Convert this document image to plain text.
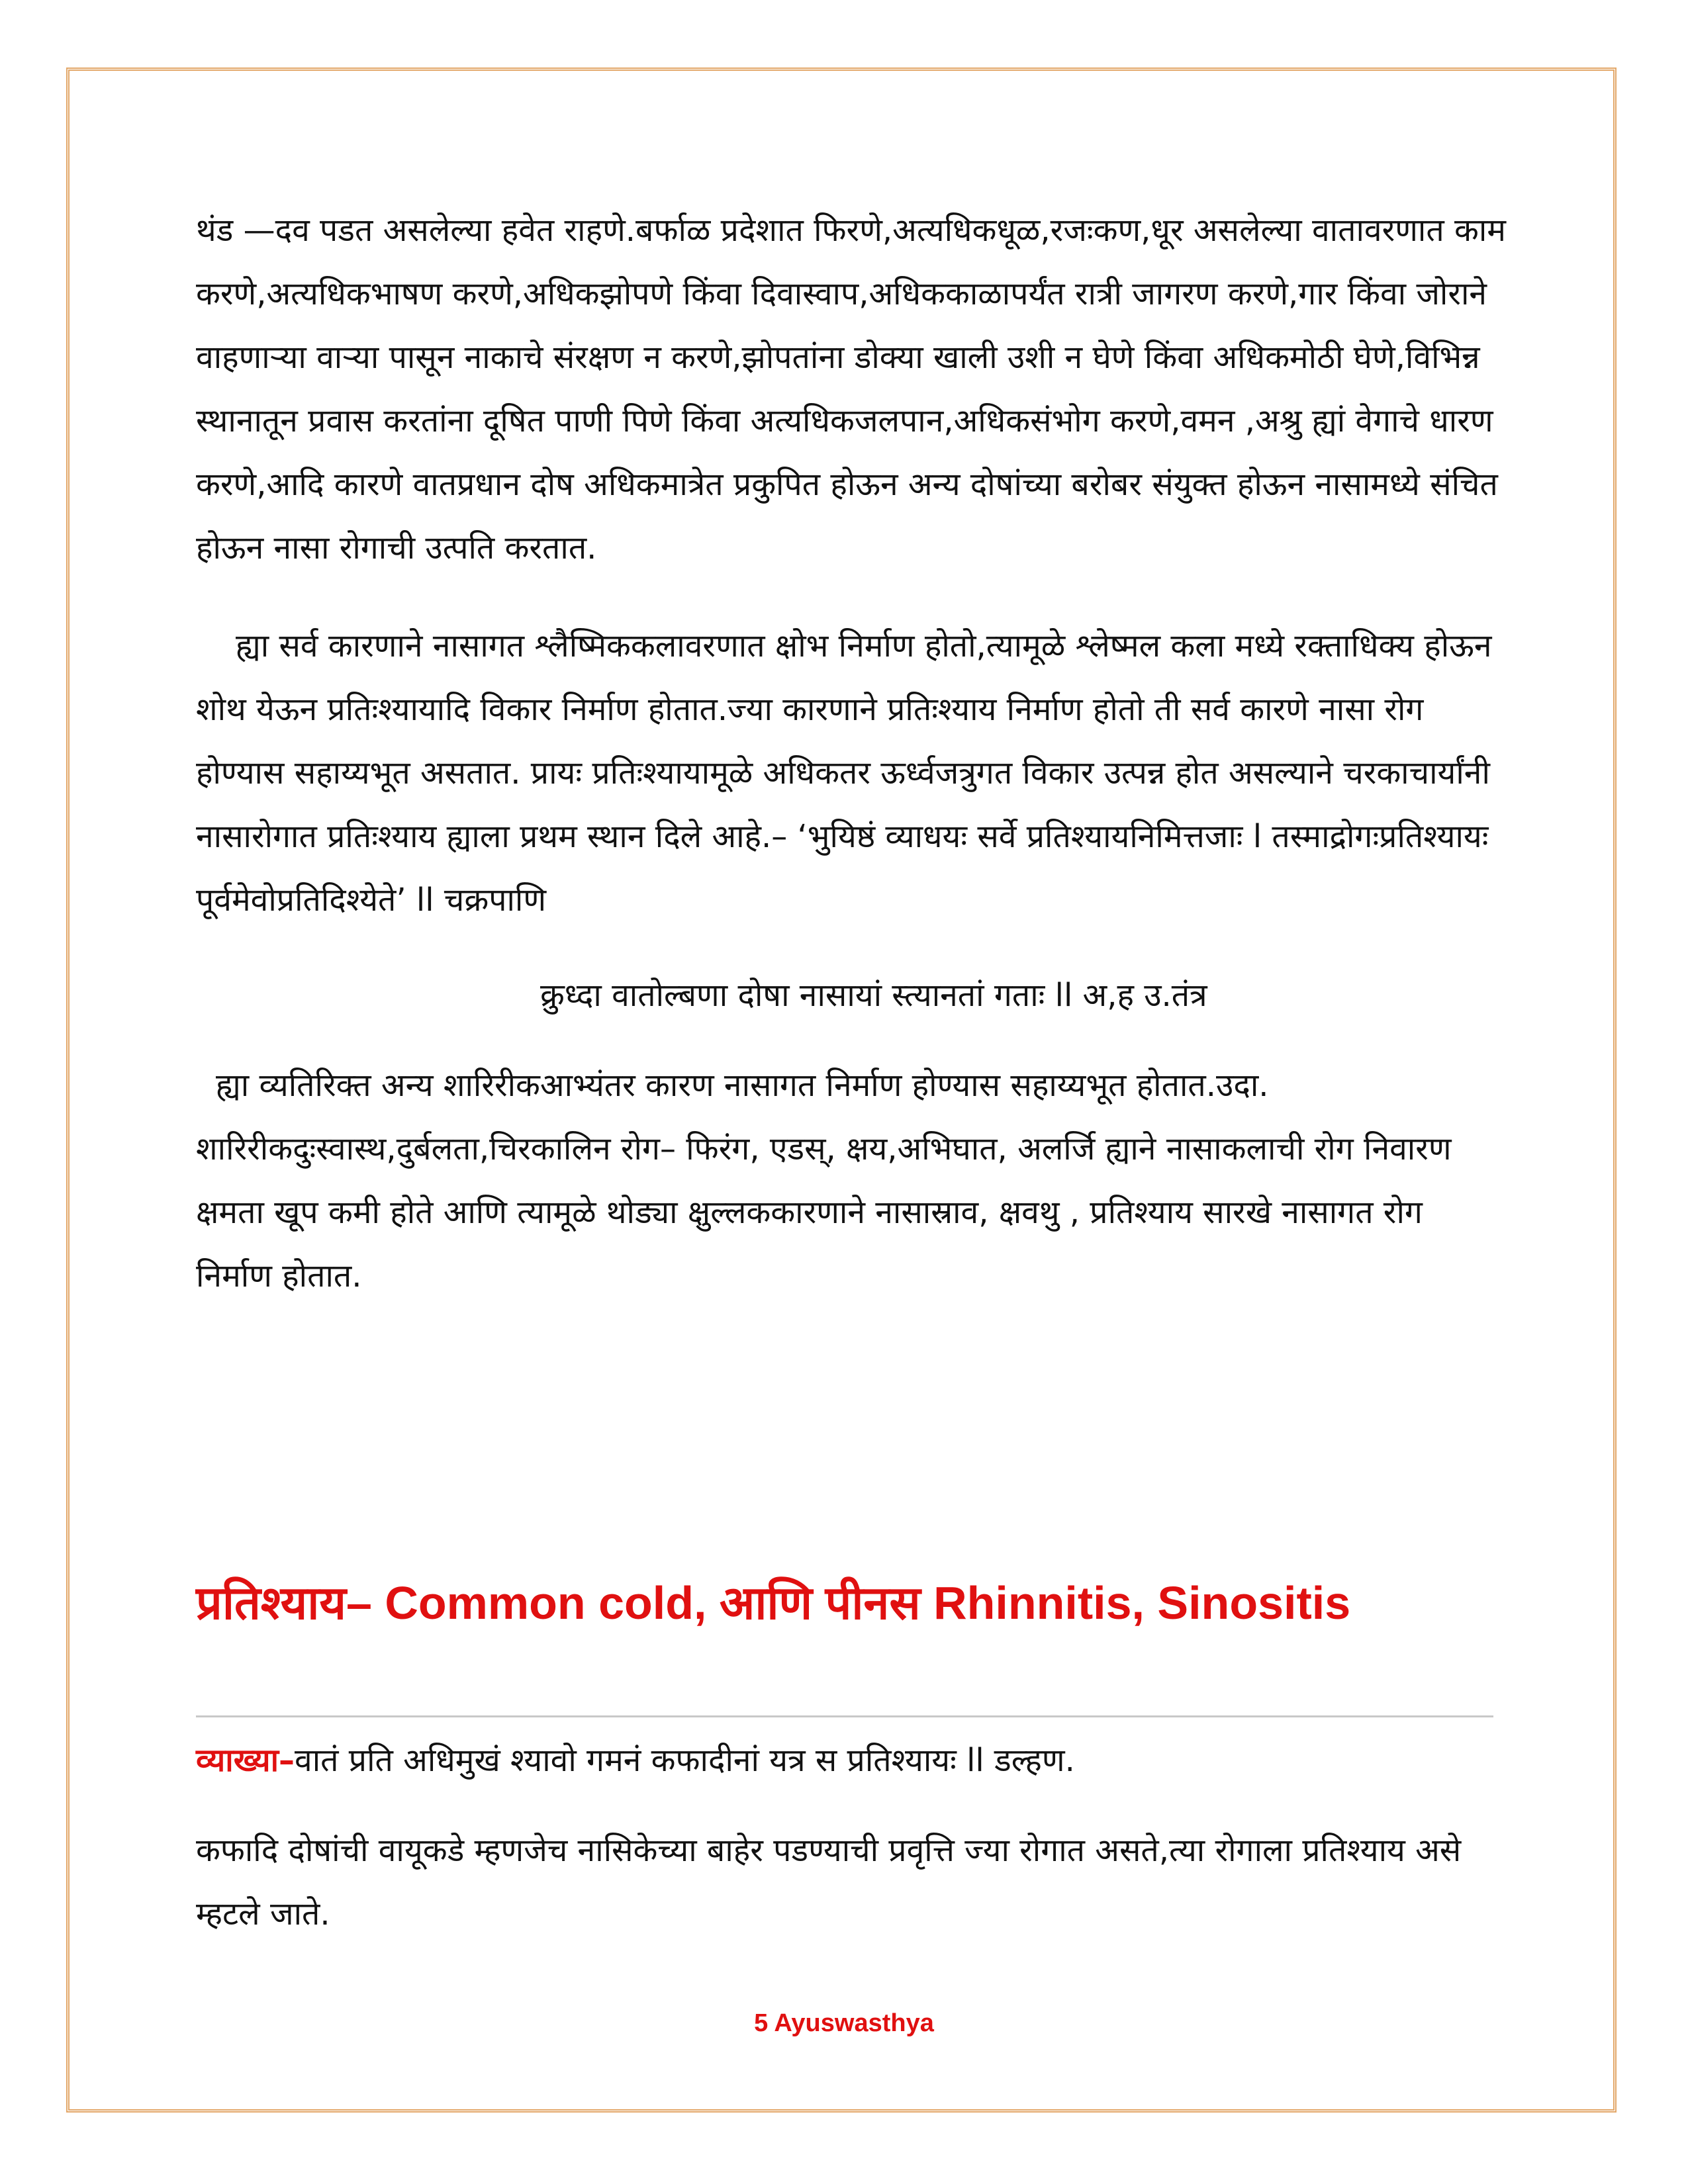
थंड —दव पडत असलेल्या हवेत राहणे.बर्फाळ प्रदेशात फिरणे,अत्यधिकधूळ,रजःकण,धूर असलेल्या वातावरणात काम करणे,अत्यधिकभाषण करणे,अधिकझोपणे किंवा दिवास्वाप,अधिककाळापर्यंत रात्री जागरण करणे,गार किंवा जोराने वाहणाऱ्या वाऱ्या पासून नाकाचे संरक्षण न करणे,झोपतांना डोक्या खाली उशी न घेणे किंवा अधिकमोठी घेणे,विभिन्न स्थानातून प्रवास करतांना दूषित पाणी पिणे किंवा अत्यधिकजलपान,अधिकसंभोग करणे,वमन ,अश्रु ह्यां वेगाचे धारण करणे,आदि कारणे वातप्रधान दोष अधिकमात्रेत प्रकुपित होऊन अन्य दोषांच्या बरोबर संयुक्त होऊन नासामध्ये संचित होऊन नासा रोगाची उत्पति करतात.

ह्या सर्व कारणाने नासागत श्लैष्मिककलावरणात क्षोभ निर्माण होतो,त्यामूळे श्लेष्मल कला मध्ये रक्ताधिक्य होऊन शोथ येऊन प्रतिःश्यायादि विकार निर्माण होतात.ज्या कारणाने प्रतिःश्याय निर्माण होतो ती सर्व कारणे नासा रोग होण्यास सहाय्यभूत असतात. प्रायः प्रतिःश्यायामूळे अधिकतर ऊर्ध्वजत्रुगत विकार उत्पन्न होत असल्याने चरकाचार्यांनी नासारोगात प्रतिःश्याय ह्याला प्रथम स्थान दिले आहे.– ‘भुयिष्ठं व्याधयः सर्वे प्रतिश्यायनिमित्तजाः l तस्माद्रोगःप्रतिश्यायः पूर्वमेवोप्रतिदिश्येते’ ll चक्रपाणि

क्रुध्दा वातोल्बणा दोषा नासायां स्त्यानतां गताः ll अ,ह उ.तंत्र

ह्या व्यतिरिक्त अन्य शारिरीकआभ्यंतर कारण नासागत निर्माण होण्यास सहाय्यभूत होतात.उदा. शारिरीकदुःस्वास्थ,दुर्बलता,चिरकालिन रोग– फिरंग, एडस्, क्षय,अभिघात, अलर्जि ह्याने नासाकलाची रोग निवारण क्षमता खूप कमी होते आणि त्यामूळे थोड्या क्षुल्लककारणाने नासास्राव, क्षवथु , प्रतिश्याय सारखे नासागत रोग निर्माण होतात.

प्रतिश्याय– Common cold, आणि पीनस Rhinnitis, Sinositis

व्याख्या–वातं प्रति अधिमुखं श्यावो गमनं कफादीनां यत्र स प्रतिश्यायः ll डल्हण.

कफादि दोषांची वायूकडे म्हणजेच नासिकेच्या बाहेर पडण्याची प्रवृत्ति ज्या रोगात असते,त्या रोगाला प्रतिश्याय असे म्हटले जाते.

5 Ayuswasthya
